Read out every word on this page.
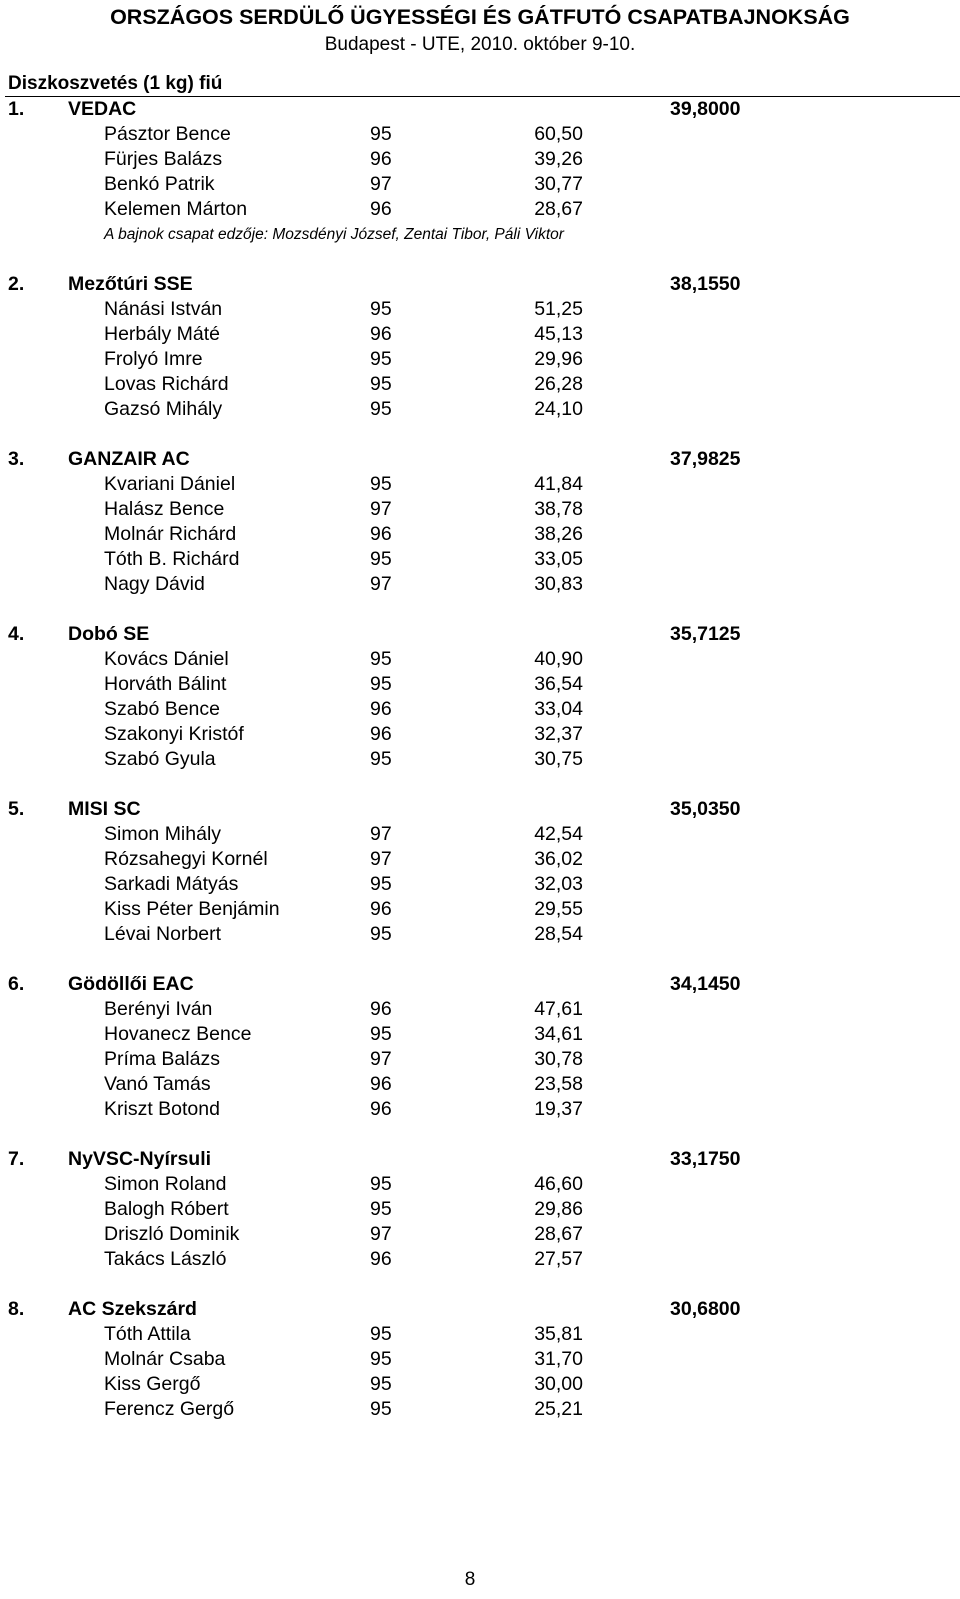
ORSZÁGOS SERDÜLŐ ÜGYESSÉGI ÉS GÁTFUTÓ CSAPATBAJNOKSÁG
Budapest - UTE, 2010. október 9-10.
Diszkoszvetés (1 kg) fiú
1. VEDAC	39,8000
Pásztor Bence	95	60,50
Fürjes Balázs	96	39,26
Benkó Patrik	97	30,77
Kelemen Márton	96	28,67
A bajnok csapat edzője: Mozsdényi József, Zentai Tibor, Páli Viktor
2. Mezőtúri SSE	38,1550
Nánási István	95	51,25
Herbály Máté	96	45,13
Frolyó Imre	95	29,96
Lovas Richárd	95	26,28
Gazsó Mihály	95	24,10
3. GANZAIR AC	37,9825
Kvariani Dániel	95	41,84
Halász Bence	97	38,78
Molnár Richárd	96	38,26
Tóth B. Richárd	95	33,05
Nagy Dávid	97	30,83
4. Dobó SE	35,7125
Kovács Dániel	95	40,90
Horváth Bálint	95	36,54
Szabó Bence	96	33,04
Szakonyi Kristóf	96	32,37
Szabó Gyula	95	30,75
5. MISI SC	35,0350
Simon Mihály	97	42,54
Rózsahegyi Kornél	97	36,02
Sarkadi Mátyás	95	32,03
Kiss Péter Benjámin	96	29,55
Lévai Norbert	95	28,54
6. Gödöllői EAC	34,1450
Berényi Iván	96	47,61
Hovanecz Bence	95	34,61
Príma Balázs	97	30,78
Vanó Tamás	96	23,58
Kriszt Botond	96	19,37
7. NyVSC-Nyírsuli	33,1750
Simon Roland	95	46,60
Balogh Róbert	95	29,86
Driszló Dominik	97	28,67
Takács László	96	27,57
8. AC Szekszárd	30,6800
Tóth Attila	95	35,81
Molnár Csaba	95	31,70
Kiss Gergő	95	30,00
Ferencz Gergő	95	25,21
8
